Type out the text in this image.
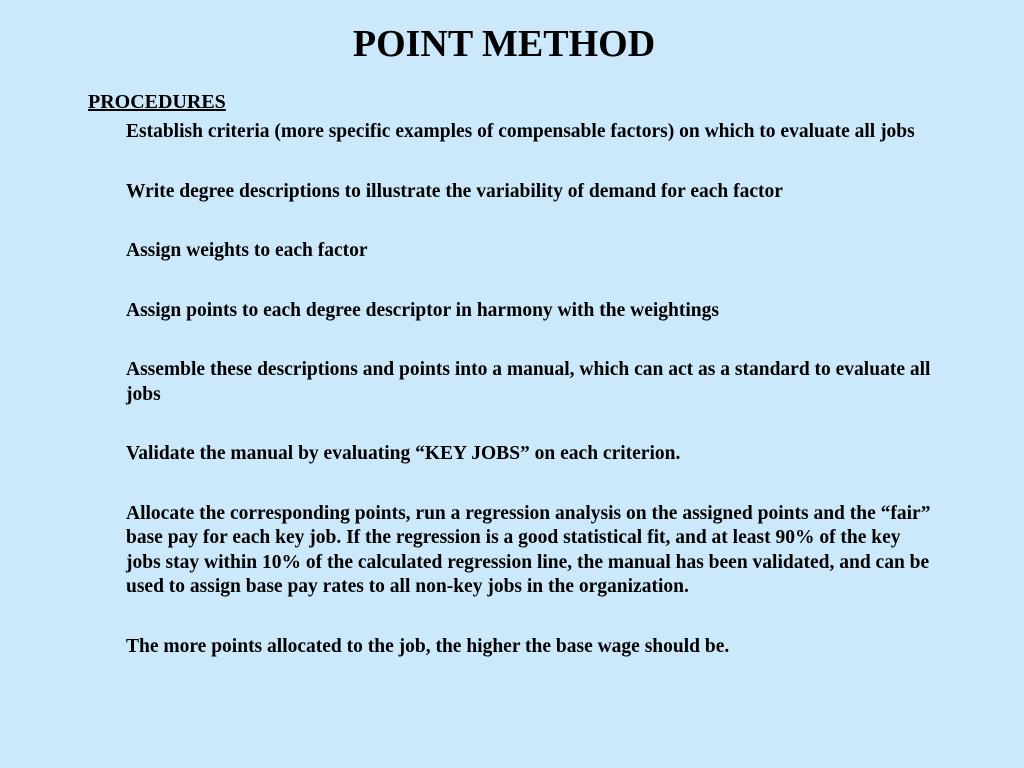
POINT METHOD
PROCEDURES
Establish criteria (more specific examples of compensable factors) on which to evaluate all jobs
Write degree descriptions to illustrate the variability of demand for each factor
Assign weights to each factor
Assign points to each degree descriptor in harmony with the weightings
Assemble these descriptions and points into a manual, which can act as a standard to evaluate all jobs
Validate the manual by evaluating “KEY JOBS” on each criterion.
Allocate the corresponding points, run a regression analysis on the assigned points and the “fair” base pay for each key job. If the regression is a good statistical fit, and at least 90% of the key jobs stay within 10% of the calculated regression line, the manual has been validated, and can be used to assign base pay rates to all non-key jobs in the organization.
The more points allocated to the job, the higher the base wage should be.
